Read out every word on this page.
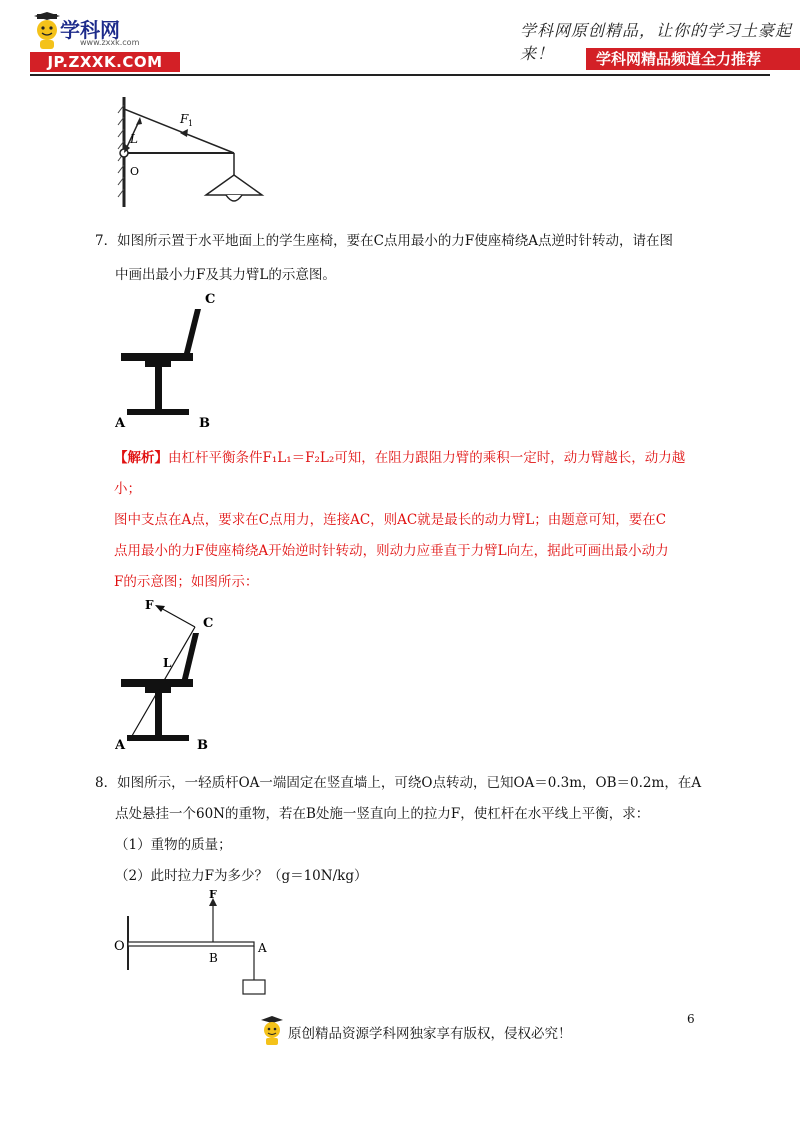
学科网
www.zxxk.com
JP.ZXXK.COM
学科网原创精品，让你的学习土豪起来！	学科网精品频道全力推荐
F 1
L
O
7．如图所示置于水平地面上的学生座椅，要在C点用最小的力F使座椅绕A点逆时针转动，请在图
中画出最小力F及其力臂L的示意图。
A	B
C
【解析】由杠杆平衡条件F₁L₁＝F₂L₂可知，在阻力跟阻力臂的乘积一定时，动力臂越长，动力越
小；
图中支点在A点，要求在C点用力，连接AC，则AC就是最长的动力臂L；由题意可知，要在C
点用最小的力F使座椅绕A开始逆时针转动，则动力应垂直于力臂L向左，据此可画出最小动力
F的示意图；如图所示：
F
C
L
A	B
8．如图所示，一轻质杆OA一端固定在竖直墙上，可绕O点转动，已知OA＝0.3m，OB＝0.2m，在A
点处悬挂一个60N的重物，若在B处施一竖直向上的拉力F，使杠杆在水平线上平衡，求：
（1）重物的质量；
（2）此时拉力F为多少？（g＝10N/kg）
O
F
B
A
6
原创精品资源学科网独家享有版权，侵权必究！
